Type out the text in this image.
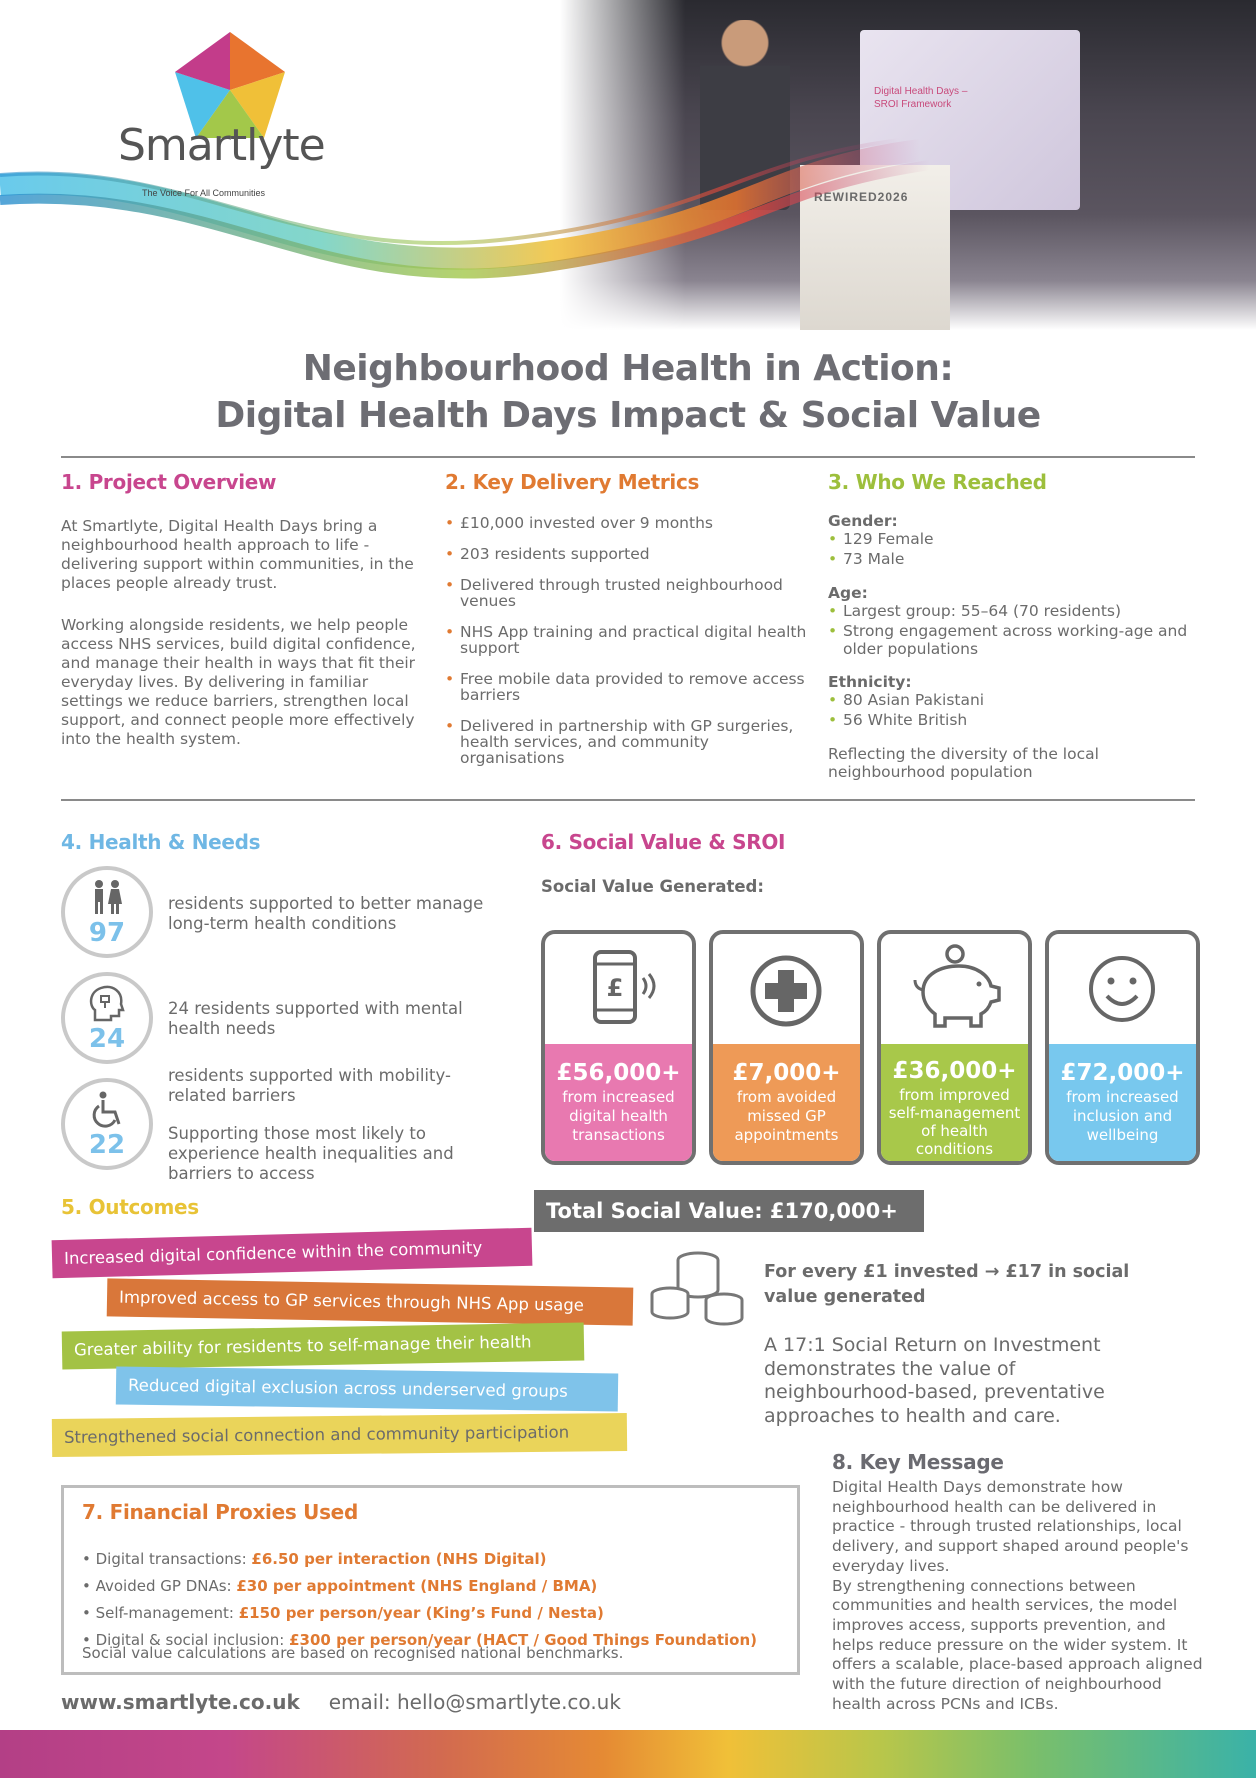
Digital Health Days – SROI Framework
REWIRED2026
Smartlyte
The Voice For All Communities
Neighbourhood Health in Action:
Digital Health Days Impact & Social Value
1. Project Overview
At Smartlyte, Digital Health Days bring a neighbourhood health approach to life - delivering support within communities, in the places people already trust.
Working alongside residents, we help people access NHS services, build digital confidence, and manage their health in ways that fit their everyday lives. By delivering in familiar settings we reduce barriers, strengthen local support, and connect people more effectively into the health system.
2. Key Delivery Metrics
• £10,000 invested over 9 months
• 203 residents supported
• Delivered through trusted neighbourhood venues
• NHS App training and practical digital health support
• Free mobile data provided to remove access barriers
• Delivered in partnership with GP surgeries, health services, and community organisations
3. Who We Reached
Gender:
• 129 Female
• 73 Male
Age:
• Largest group: 55–64 (70 residents)
• Strong engagement across working-age and older populations
Ethnicity:
• 80 Asian Pakistani
• 56 White British
Reflecting the diversity of the local neighbourhood population
4. Health & Needs
97
residents supported to better manage long-term health conditions
24
24 residents supported with mental health needs
22
residents supported with mobility-related barriers
Supporting those most likely to experience health inequalities and barriers to access
6. Social Value & SROI
Social Value Generated:
£
£56,000+
from increased digital health transactions
£7,000+
from avoided missed GP appointments
£36,000+
from improved self-management of health conditions
£72,000+
from increased inclusion and wellbeing
Total Social Value: £170,000+
For every £1 invested → £17 in social value generated
A 17:1 Social Return on Investment demonstrates the value of neighbourhood-based, preventative approaches to health and care.
5. Outcomes
Increased digital confidence within the community
Improved access to GP services through NHS App usage
Greater ability for residents to self-manage their health
Reduced digital exclusion across underserved groups
Strengthened social connection and community participation
7. Financial Proxies Used
• Digital transactions: £6.50 per interaction (NHS Digital)
• Avoided GP DNAs: £30 per appointment (NHS England / BMA)
• Self-management: £150 per person/year (King’s Fund / Nesta)
• Digital & social inclusion: £300 per person/year (HACT / Good Things Foundation)
Social value calculations are based on recognised national benchmarks.
8. Key Message
Digital Health Days demonstrate how neighbourhood health can be delivered in practice - through trusted relationships, local delivery, and support shaped around people's everyday lives.
By strengthening connections between communities and health services, the model improves access, supports prevention, and helps reduce pressure on the wider system. It offers a scalable, place-based approach aligned with the future direction of neighbourhood health across PCNs and ICBs.
www.smartlyte.co.uk email: hello@smartlyte.co.uk
